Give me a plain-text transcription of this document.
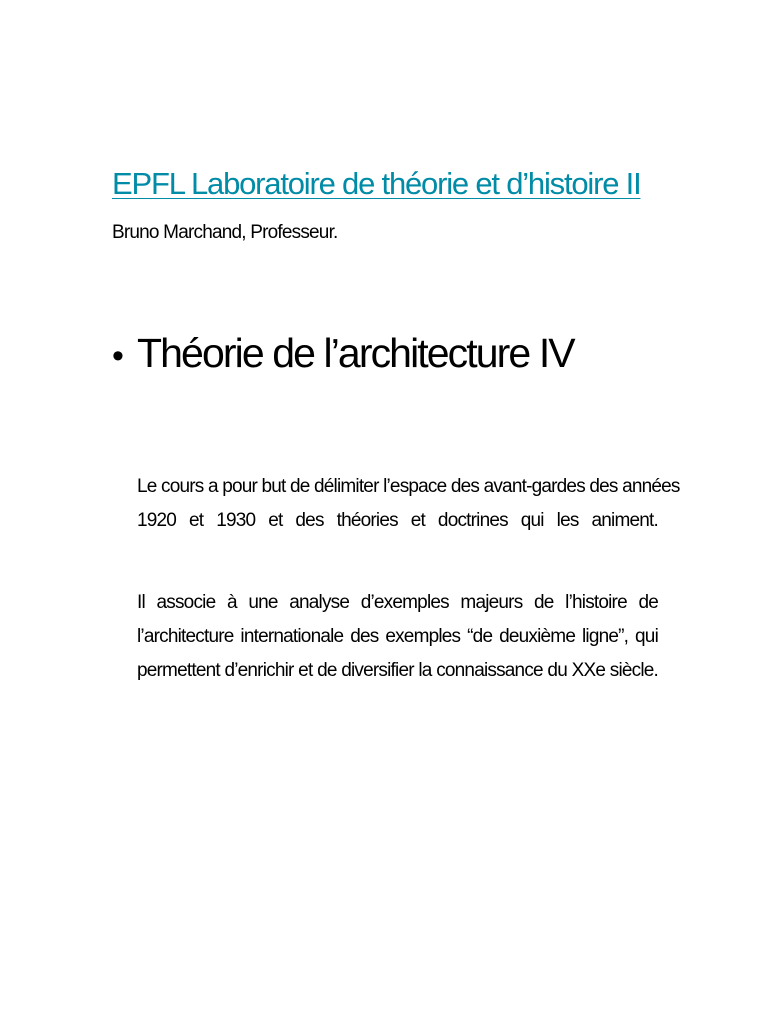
EPFL Laboratoire de théorie et d’histoire II
Bruno Marchand, Professeur.
• Théorie de l’architecture IV
Le cours a pour but de délimiter l’espace des avant-gardes des années
1920 et 1930 et des théories et doctrines qui les animent.
Il associe à une analyse d’exemples majeurs de l’histoire de
l’architecture internationale des exemples “de deuxième ligne”, qui
permettent d’enrichir et de diversifier la connaissance du XXe siècle.
